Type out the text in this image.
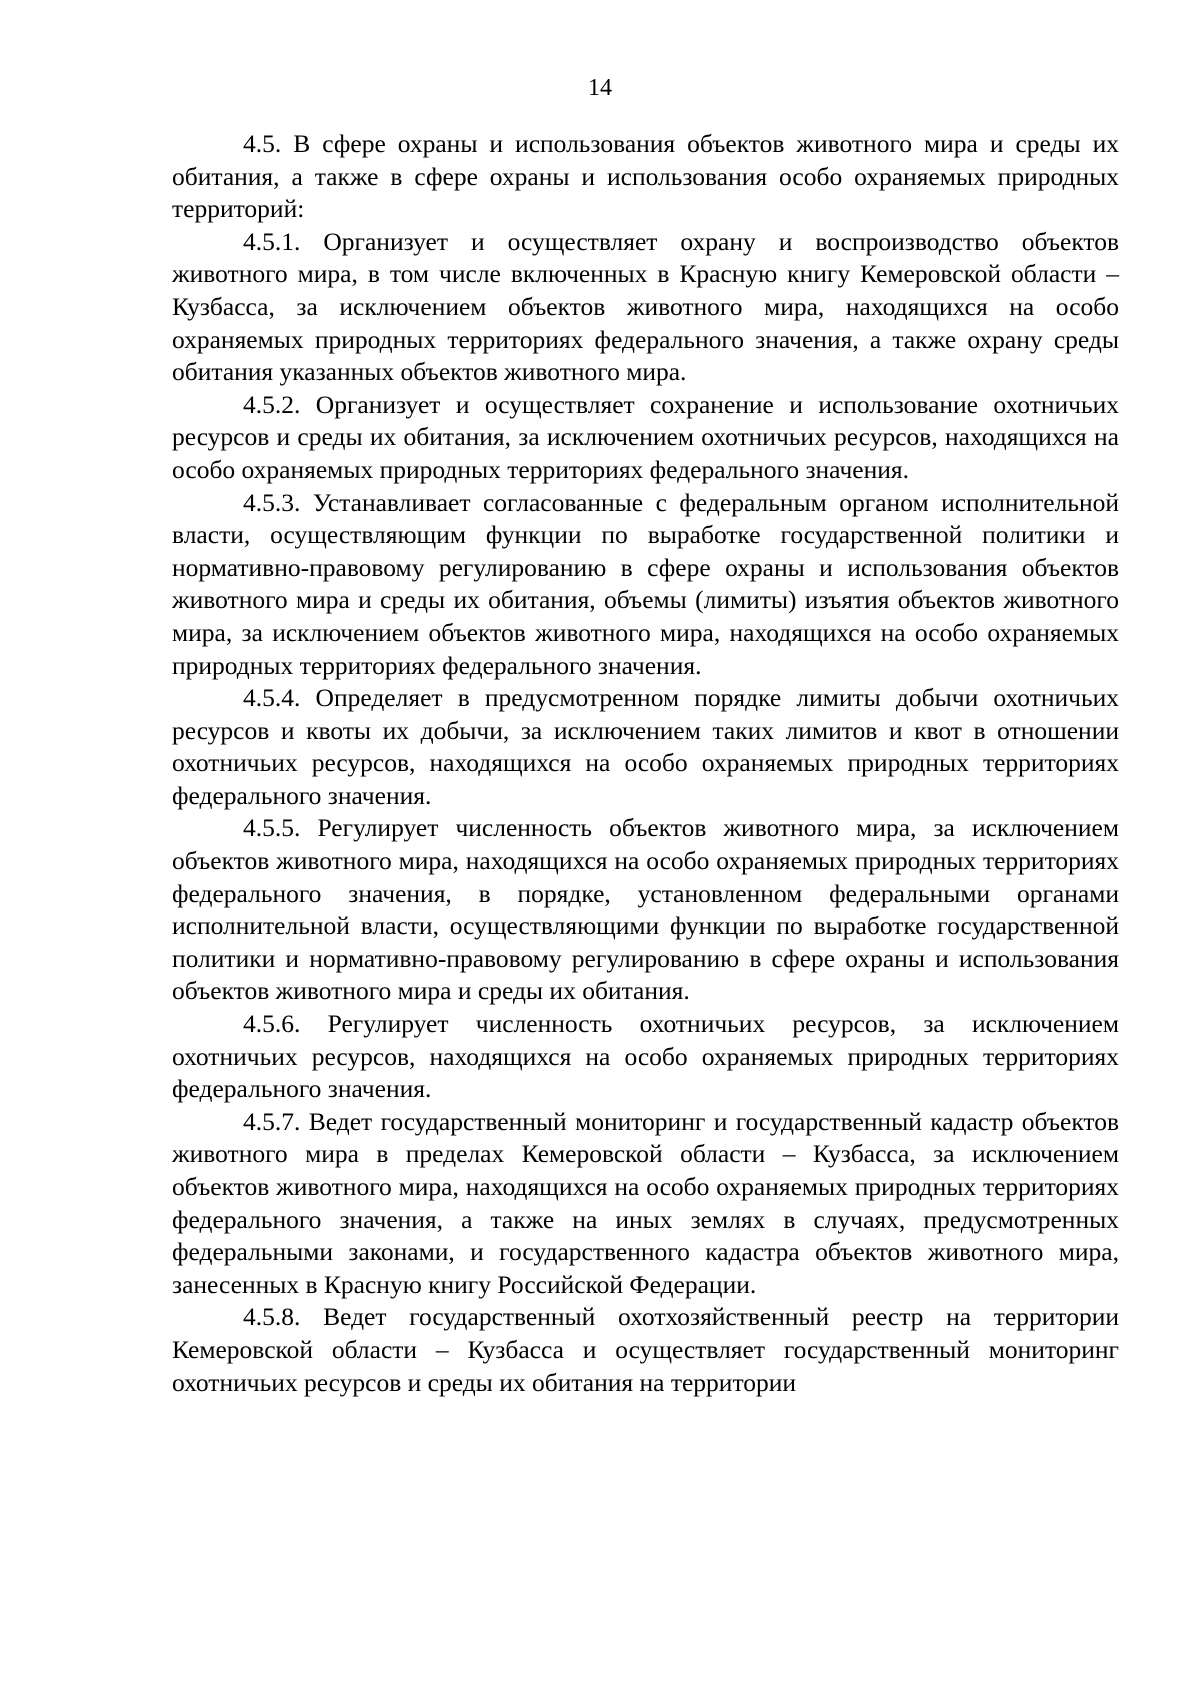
14

4.5. В сфере охраны и использования объектов животного мира и среды их обитания, а также в сфере охраны и использования особо охраняемых природных территорий:

4.5.1. Организует и осуществляет охрану и воспроизводство объектов животного мира, в том числе включенных в Красную книгу Кемеровской области – Кузбасса, за исключением объектов животного мира, находящихся на особо охраняемых природных территориях федерального значения, а также охрану среды обитания указанных объектов животного мира.

4.5.2. Организует и осуществляет сохранение и использование охотничьих ресурсов и среды их обитания, за исключением охотничьих ресурсов, находящихся на особо охраняемых природных территориях федерального значения.

4.5.3. Устанавливает согласованные с федеральным органом исполнительной власти, осуществляющим функции по выработке государственной политики и нормативно-правовому регулированию в сфере охраны и использования объектов животного мира и среды их обитания, объемы (лимиты) изъятия объектов животного мира, за исключением объектов животного мира, находящихся на особо охраняемых природных территориях федерального значения.

4.5.4. Определяет в предусмотренном порядке лимиты добычи охотничьих ресурсов и квоты их добычи, за исключением таких лимитов и квот в отношении охотничьих ресурсов, находящихся на особо охраняемых природных территориях федерального значения.

4.5.5. Регулирует численность объектов животного мира, за исключением объектов животного мира, находящихся на особо охраняемых природных территориях федерального значения, в порядке, установленном федеральными органами исполнительной власти, осуществляющими функции по выработке государственной политики и нормативно-правовому регулированию в сфере охраны и использования объектов животного мира и среды их обитания.

4.5.6. Регулирует численность охотничьих ресурсов, за исключением охотничьих ресурсов, находящихся на особо охраняемых природных территориях федерального значения.

4.5.7. Ведет государственный мониторинг и государственный кадастр объектов животного мира в пределах Кемеровской области – Кузбасса, за исключением объектов животного мира, находящихся на особо охраняемых природных территориях федерального значения, а также на иных землях в случаях, предусмотренных федеральными законами, и государственного кадастра объектов животного мира, занесенных в Красную книгу Российской Федерации.

4.5.8. Ведет государственный охотхозяйственный реестр на территории Кемеровской области – Кузбасса и осуществляет государственный мониторинг охотничьих ресурсов и среды их обитания на территории
